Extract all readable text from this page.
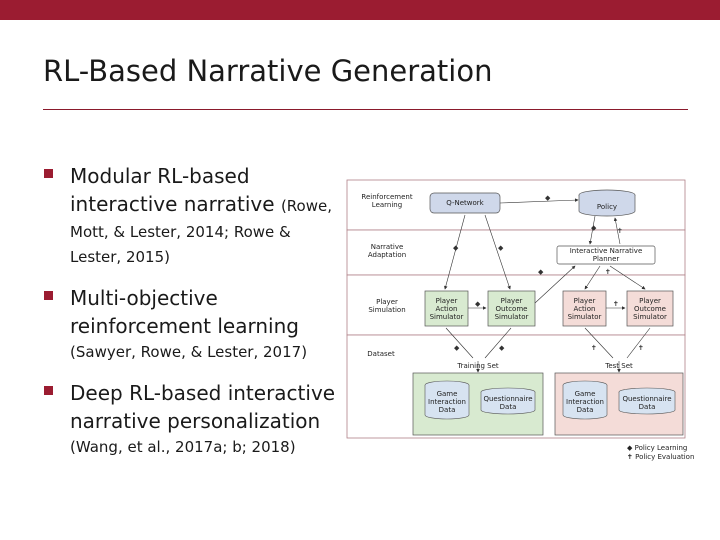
RL-Based Narrative Generation
Modular RL-based interactive narrative (Rowe,
Mott, & Lester, 2014; Rowe & Lester, 2015)
Multi-objective reinforcement learning
(Sawyer, Rowe, & Lester, 2017)
Deep RL-based interactive narrative personalization
(Wang, et al., 2017a; b; 2018)
◆
◆	✝
◆	◆
◆	✝
◆	✝
◆	◆	✝	✝
Reinforcement Learning
Narrative Adaptation
Player Simulation
Dataset
Q-Network	Policy
Interactive Narrative Planner
Player Action Simulator
Player Outcome Simulator
Player Action Simulator
Player Outcome Simulator
Training Set	Test Set
Game Interaction Data
Questionnaire Data
Game Interaction Data
Questionnaire Data
◆ Policy Learning
✝ Policy Evaluation
